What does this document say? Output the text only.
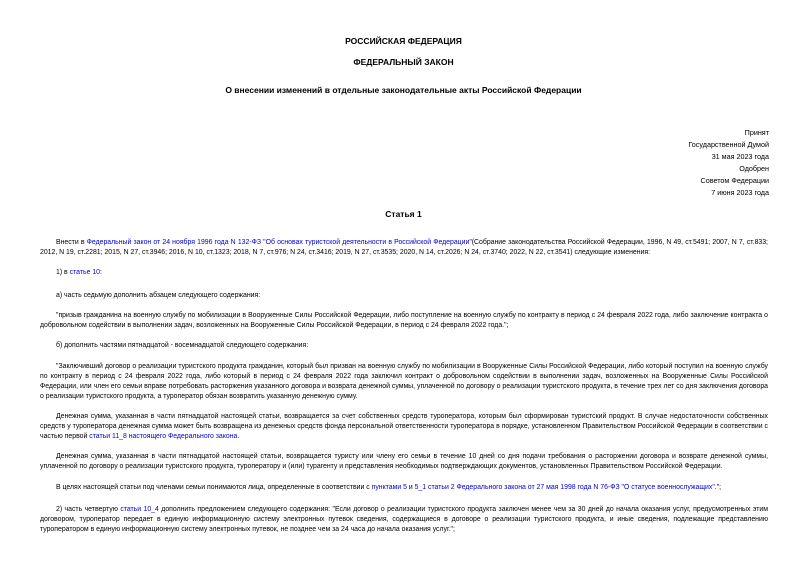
РОССИЙСКАЯ ФЕДЕРАЦИЯ
ФЕДЕРАЛЬНЫЙ ЗАКОН
О внесении изменений в отдельные законодательные акты Российской Федерации
Принят
Государственной Думой
31 мая 2023 года
Одобрен
Советом Федерации
7 июня 2023 года
Статья 1
Внести в Федеральный закон от 24 ноября 1996 года N 132-ФЗ "Об основах туристской деятельности в Российской Федерации"(Собрание законодательства Российской Федерации, 1996, N 49, ст.5491; 2007, N 7, ст.833; 2012, N 19, ст.2281; 2015, N 27, ст.3946; 2016, N 10, ст.1323; 2018, N 7, ст.976; N 24, ст.3416; 2019, N 27, ст.3535; 2020, N 14, ст.2026; N 24, ст.3740; 2022, N 22, ст.3541) следующие изменения:
1) в статье 10:
а) часть седьмую дополнить абзацем следующего содержания:
"призыв гражданина на военную службу по мобилизации в Вооруженные Силы Российской Федерации, либо поступление на военную службу по контракту в период с 24 февраля 2022 года, либо заключение контракта о добровольном содействии в выполнении задач, возложенных на Вооруженные Силы Российской Федерации, в период с 24 февраля 2022 года.";
б) дополнить частями пятнадцатой - восемнадцатой следующего содержания:
"Заключивший договор о реализации туристского продукта гражданин, который был призван на военную службу по мобилизации в Вооруженные Силы Российской Федерации, либо который поступил на военную службу по контракту в период с 24 февраля 2022 года, либо который в период с 24 февраля 2022 года заключил контракт о добровольном содействии в выполнении задач, возложенных на Вооруженные Силы Российской Федерации, или член его семьи вправе потребовать расторжения указанного договора и возврата денежной суммы, уплаченной по договору о реализации туристского продукта, в течение трех лет со дня заключения договора о реализации туристского продукта, а туроператор обязан возвратить указанную денежную сумму.
Денежная сумма, указанная в части пятнадцатой настоящей статьи, возвращается за счет собственных средств туроператора, которым был сформирован туристский продукт. В случае недостаточности собственных средств у туроператора денежная сумма может быть возвращена из денежных средств фонда персональной ответственности туроператора в порядке, установленном Правительством Российской Федерации в соответствии с частью первой статьи 11_8 настоящего Федерального закона.
Денежная сумма, указанная в части пятнадцатой настоящей статьи, возвращается туристу или члену его семьи в течение 10 дней со дня подачи требования о расторжении договора и возврате денежной суммы, уплаченной по договору о реализации туристского продукта, туроператору и (или) турагенту и представления необходимых подтверждающих документов, установленных Правительством Российской Федерации.
В целях настоящей статьи под членами семьи понимаются лица, определенные в соответствии с пунктами 5 и 5_1 статьи 2 Федерального закона от 27 мая 1998 года N 76-ФЗ "О статусе военнослужащих".";
2) часть четвертую статьи 10_4 дополнить предложением следующего содержания: "Если договор о реализации туристского продукта заключен менее чем за 30 дней до начала оказания услуг, предусмотренных этим договором, туроператор передает в единую информационную систему электронных путевок сведения, содержащиеся в договоре о реализации туристского продукта, и иные сведения, подлежащие представлению туроператором в единую информационную систему электронных путевок, не позднее чем за 24 часа до начала оказания услуг.";
